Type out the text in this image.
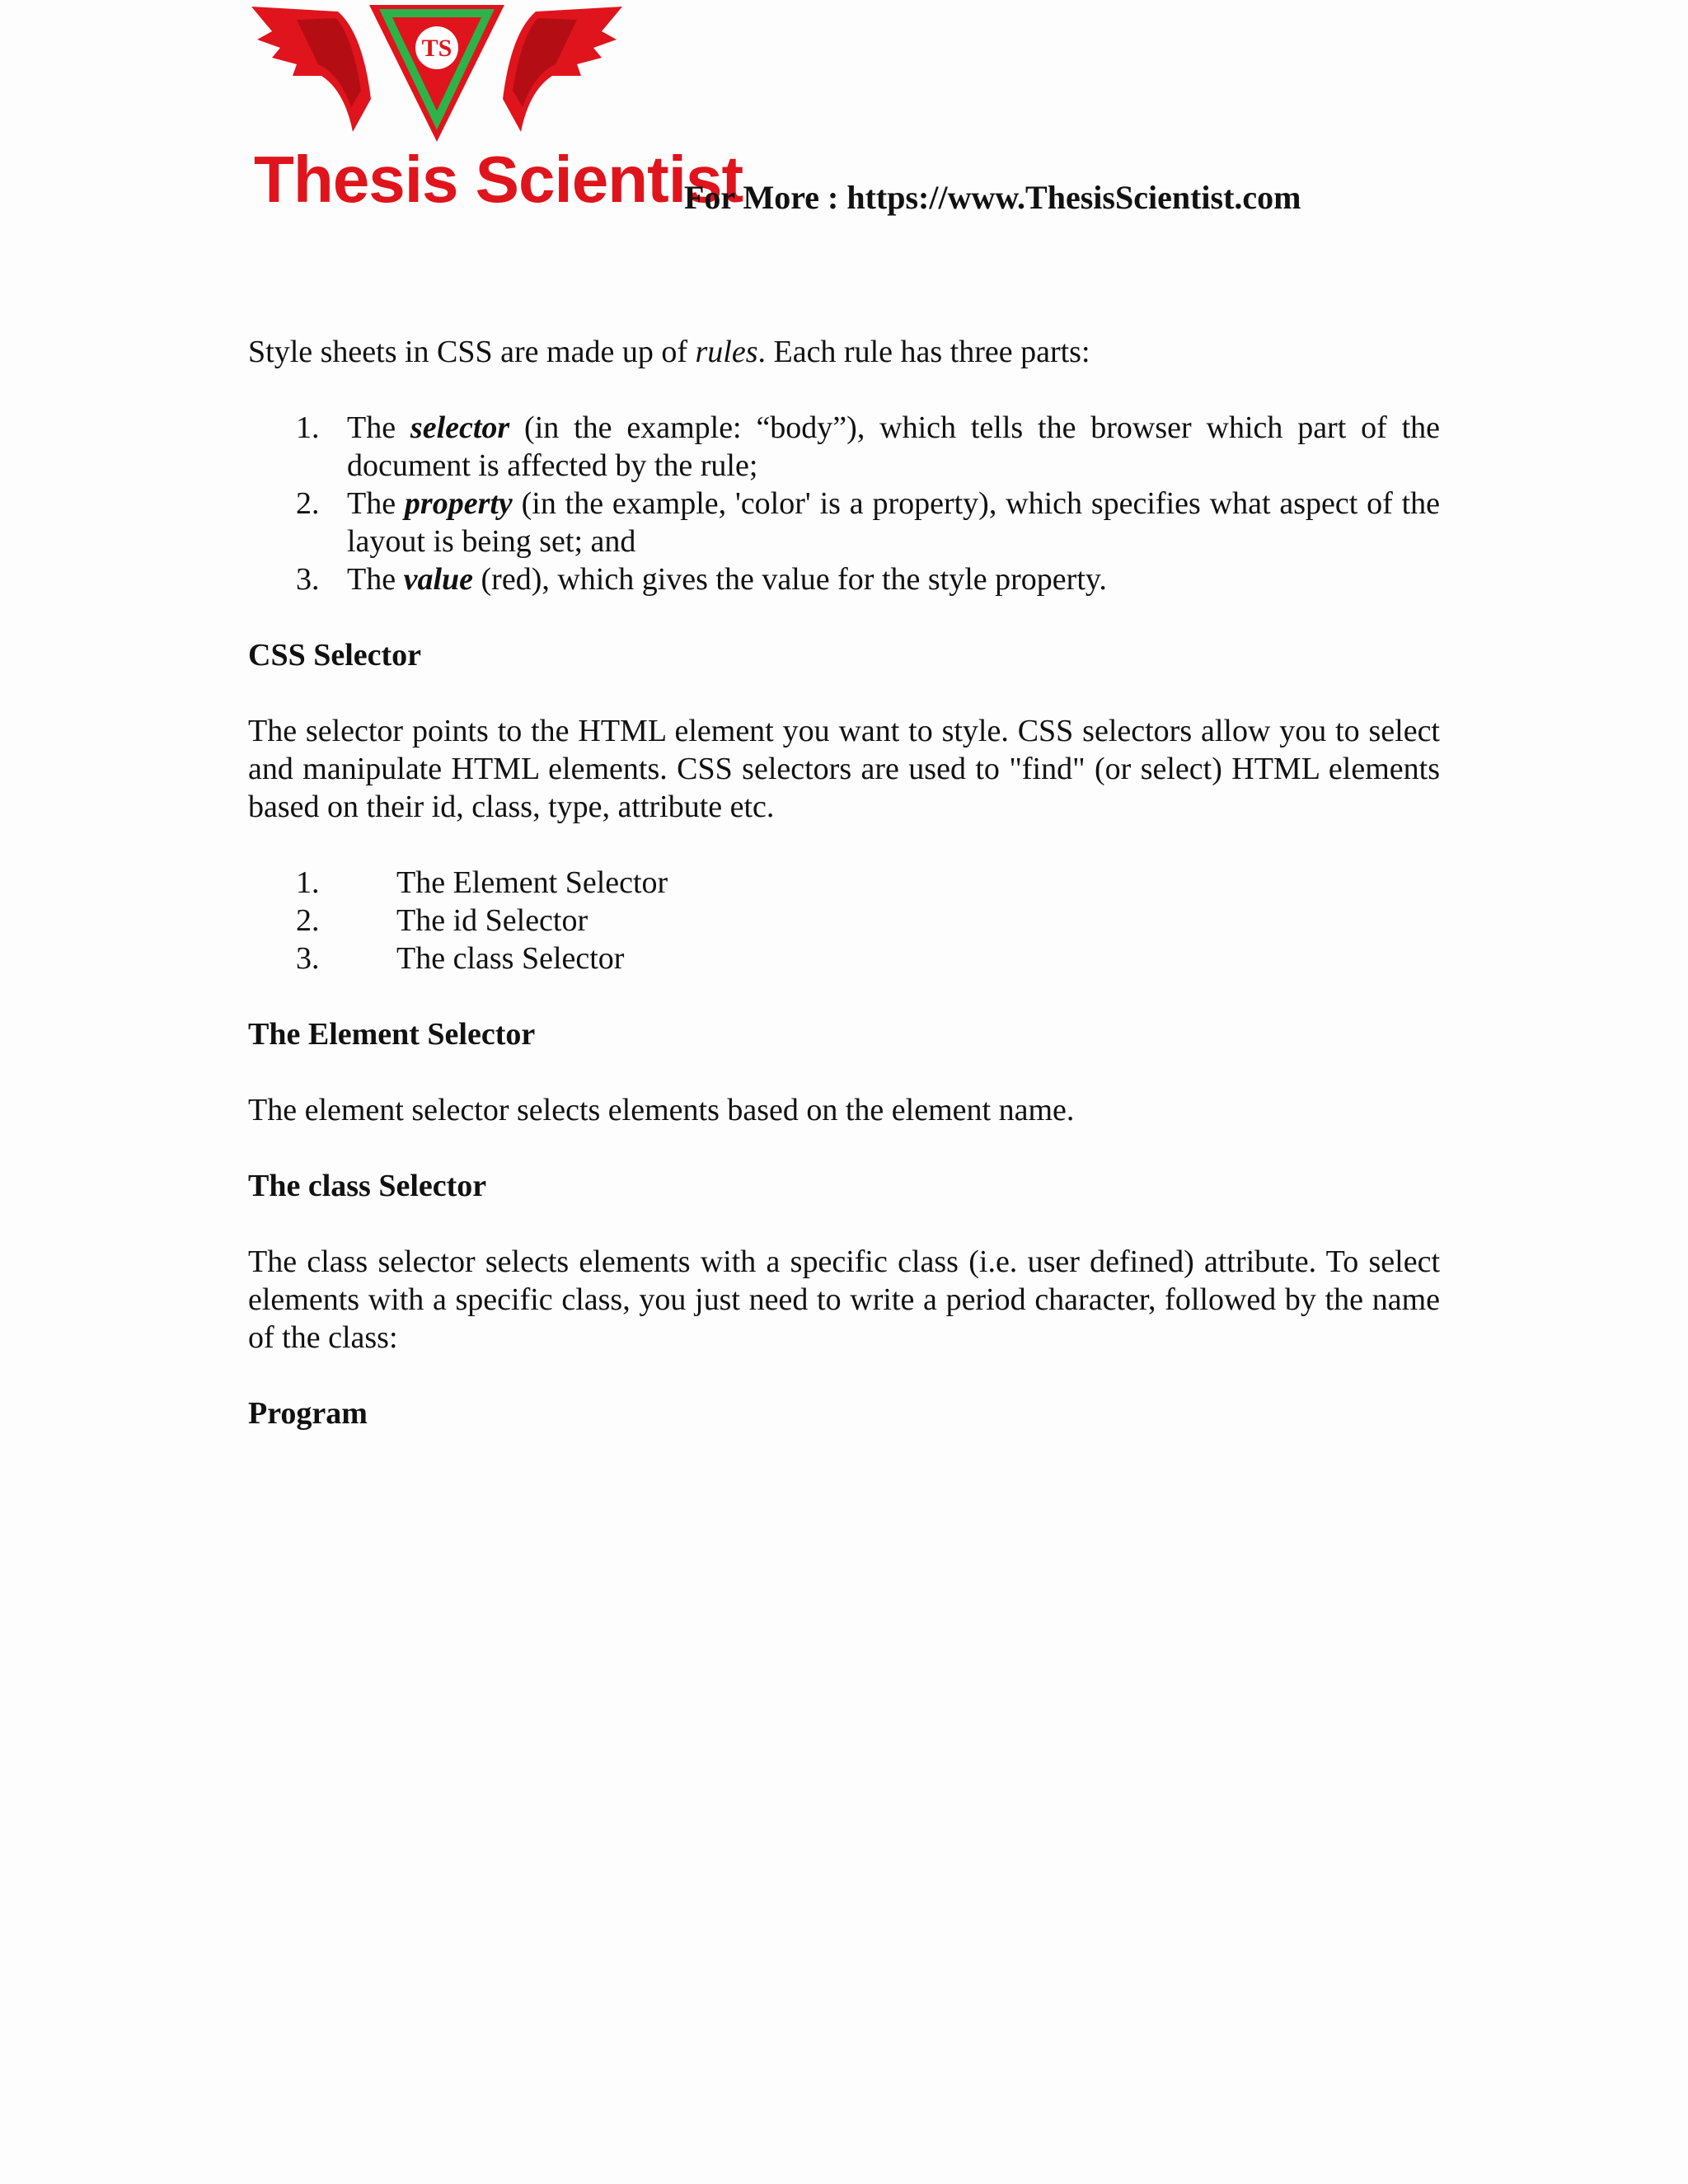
TS
Thesis Scientist
For More : https://www.ThesisScientist.com

Style sheets in CSS are made up of rules. Each rule has three parts:

1. The selector (in the example: “body”), which tells the browser which part of the document is affected by the rule;
2. The property (in the example, 'color' is a property), which specifies what aspect of the layout is being set; and
3. The value (red), which gives the value for the style property.

CSS Selector

The selector points to the HTML element you want to style. CSS selectors allow you to select and manipulate HTML elements. CSS selectors are used to "find" (or select) HTML elements based on their id, class, type, attribute etc.

1. The Element Selector
2. The id Selector
3. The class Selector

The Element Selector

The element selector selects elements based on the element name.

The class Selector

The class selector selects elements with a specific class (i.e. user defined) attribute. To select elements with a specific class, you just need to write a period character, followed by the name of the class:

Program
